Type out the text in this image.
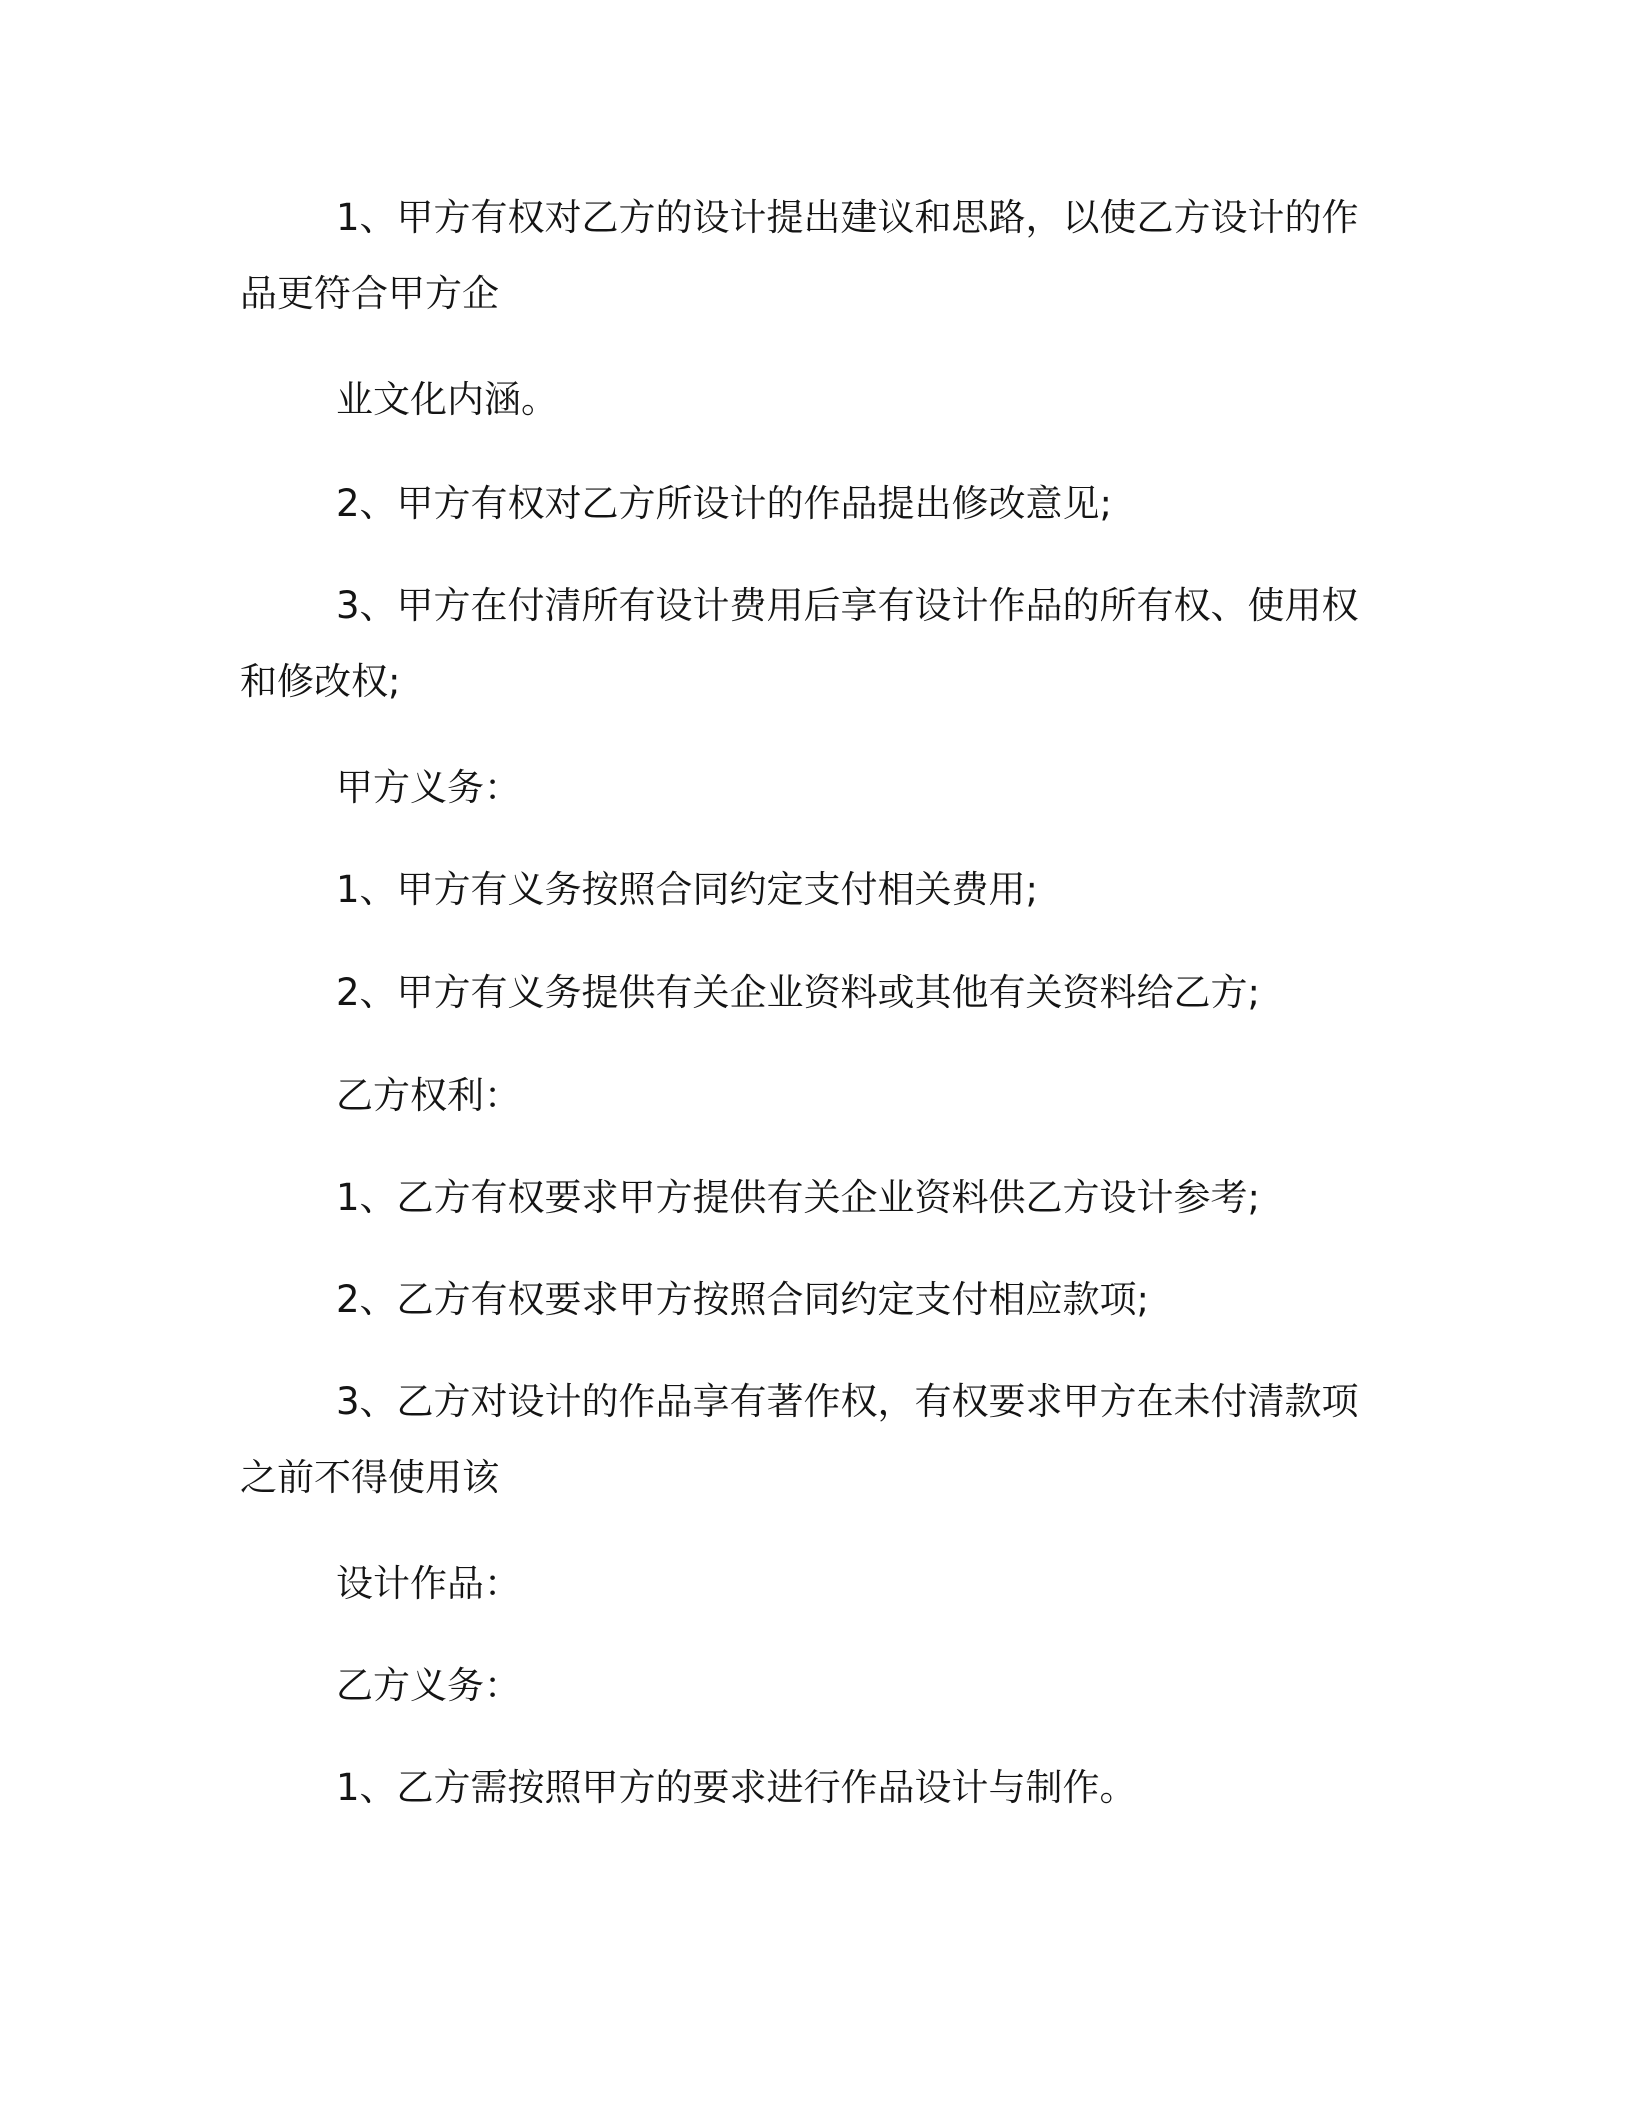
1、甲方有权对乙方的设计提出建议和思路，以使乙方设计的作品更符合甲方企

业文化内涵。

2、甲方有权对乙方所设计的作品提出修改意见;

3、甲方在付清所有设计费用后享有设计作品的所有权、使用权和修改权;

甲方义务：

1、甲方有义务按照合同约定支付相关费用;

2、甲方有义务提供有关企业资料或其他有关资料给乙方;

乙方权利：

1、乙方有权要求甲方提供有关企业资料供乙方设计参考;

2、乙方有权要求甲方按照合同约定支付相应款项;

3、乙方对设计的作品享有著作权，有权要求甲方在未付清款项之前不得使用该

设计作品：

乙方义务：

1、乙方需按照甲方的要求进行作品设计与制作。
